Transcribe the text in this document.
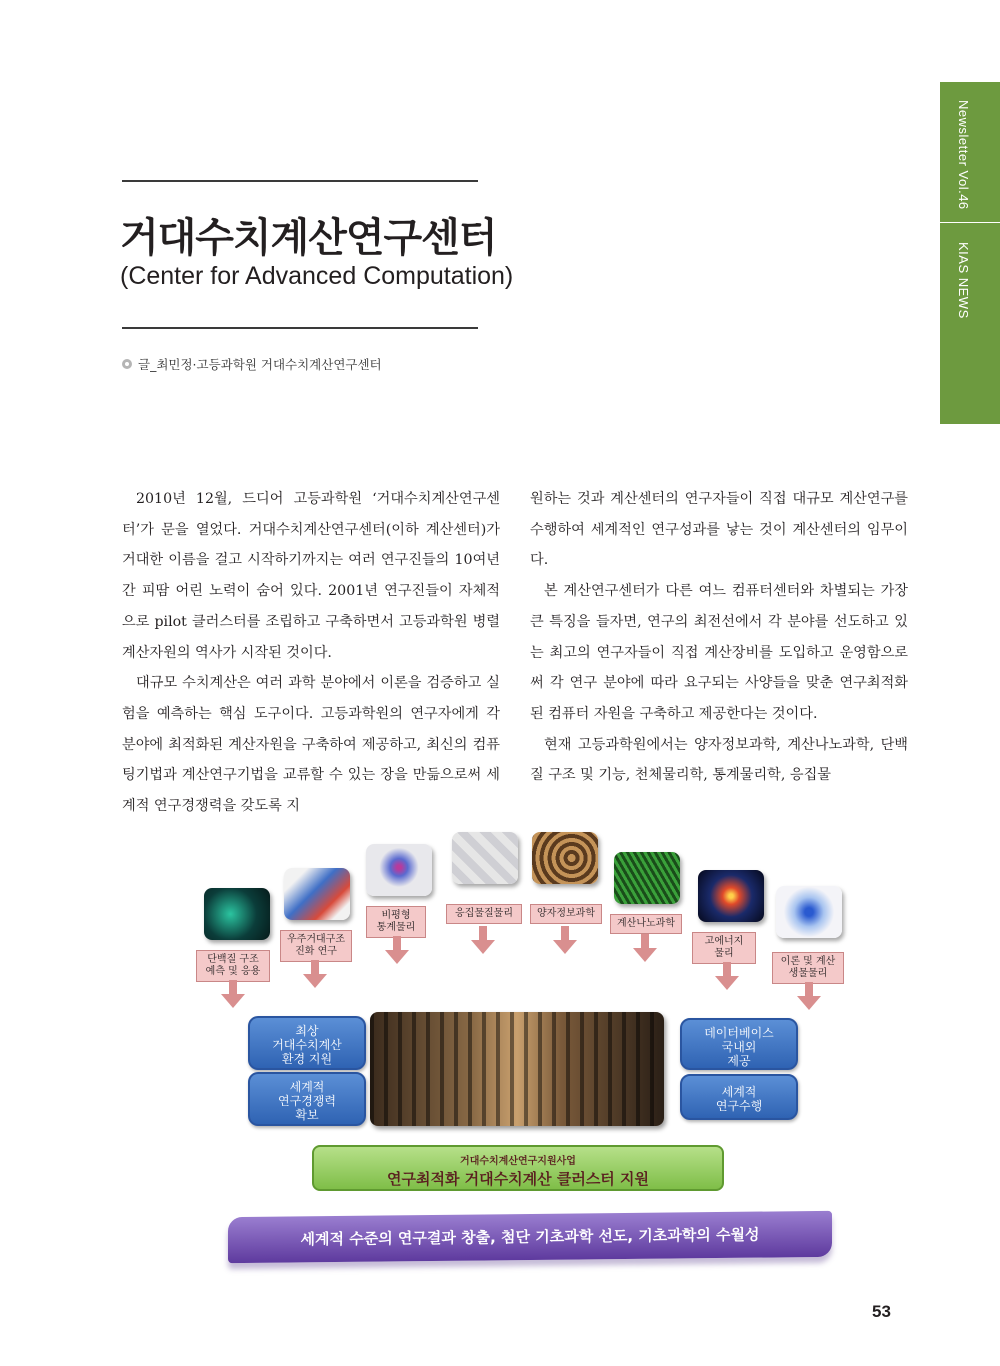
Newsletter Vol.46
KIAS NEWS
거대수치계산연구센터
(Center for Advanced Computation)
글_최민정·고등과학원 거대수치계산연구센터

2010년 12월, 드디어 고등과학원 ‘거대수치계산연구센터’가 문을 열었다. 거대수치계산연구센터(이하 계산센터)가 거대한 이름을 걸고 시작하기까지는 여러 연구진들의 10여년 간 피땀 어린 노력이 숨어 있다. 2001년 연구진들이 자체적으로 pilot 클러스터를 조립하고 구축하면서 고등과학원 병렬계산자원의 역사가 시작된 것이다.

대규모 수치계산은 여러 과학 분야에서 이론을 검증하고 실험을 예측하는 핵심 도구이다. 고등과학원의 연구자에게 각 분야에 최적화된 계산자원을 구축하여 제공하고, 최신의 컴퓨팅기법과 계산연구기법을 교류할 수 있는 장을 만듦으로써 세계적 연구경쟁력을 갖도록 지

원하는 것과 계산센터의 연구자들이 직접 대규모 계산연구를 수행하여 세계적인 연구성과를 낳는 것이 계산센터의 임무이다.

본 계산연구센터가 다른 여느 컴퓨터센터와 차별되는 가장 큰 특징을 들자면, 연구의 최전선에서 각 분야를 선도하고 있는 최고의 연구자들이 직접 계산장비를 도입하고 운영함으로써 각 연구 분야에 따라 요구되는 사양들을 맞춘 연구최적화된 컴퓨터 자원을 구축하고 제공한다는 것이다.

현재 고등과학원에서는 양자정보과학, 계산나노과학, 단백질 구조 및 기능, 천체물리학, 통계물리학, 응집물

단백질 구조
예측 및 응용
우주거대구조
진화 연구
비평형
통계물리
응집물질물리	양자정보과학
계산나노과학
고에너지
물리
이론 및 계산
생물물리
최상
거대수치계산
환경 지원
세계적
연구경쟁력
확보
데이터베이스
국내외
제공
세계적
연구수행
거대수치계산연구지원사업
연구최적화 거대수치계산 클러스터 지원
세계적 수준의 연구결과 창출, 첨단 기초과학 선도, 기초과학의 수월성
53
